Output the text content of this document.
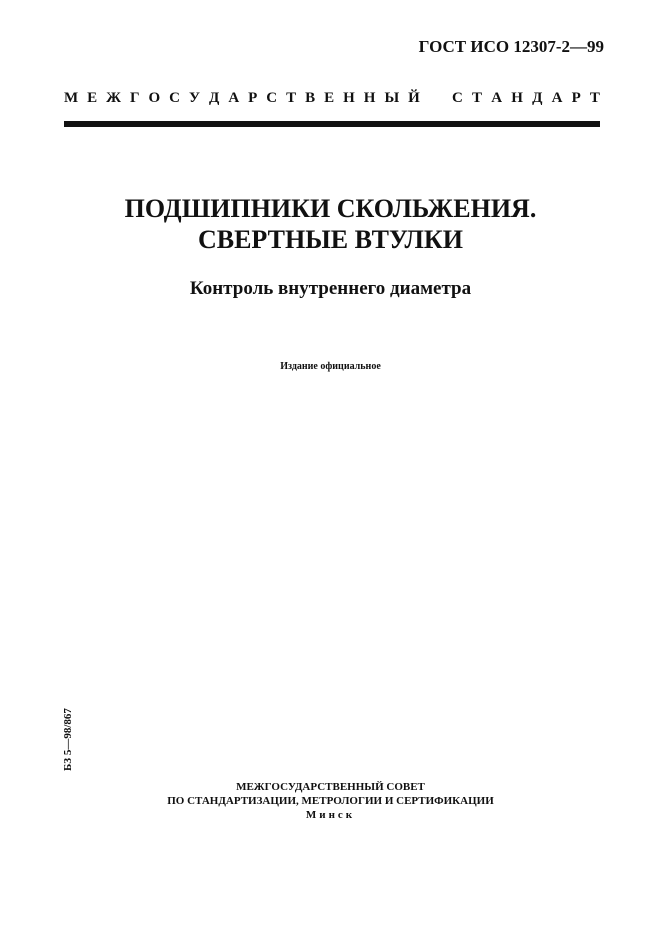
ГОСТ ИСО 12307-2—99
М Е Ж Г О С У Д А Р С Т В Е Н Н Ы Й С Т А Н Д А Р Т
ПОДШИПНИКИ СКОЛЬЖЕНИЯ.
СВЕРТНЫЕ ВТУЛКИ
Контроль внутреннего диаметра
Издание официальное
БЗ 5—98/867
МЕЖГОСУДАРСТВЕННЫЙ СОВЕТ
ПО СТАНДАРТИЗАЦИИ, МЕТРОЛОГИИ И СЕРТИФИКАЦИИ
Минск
